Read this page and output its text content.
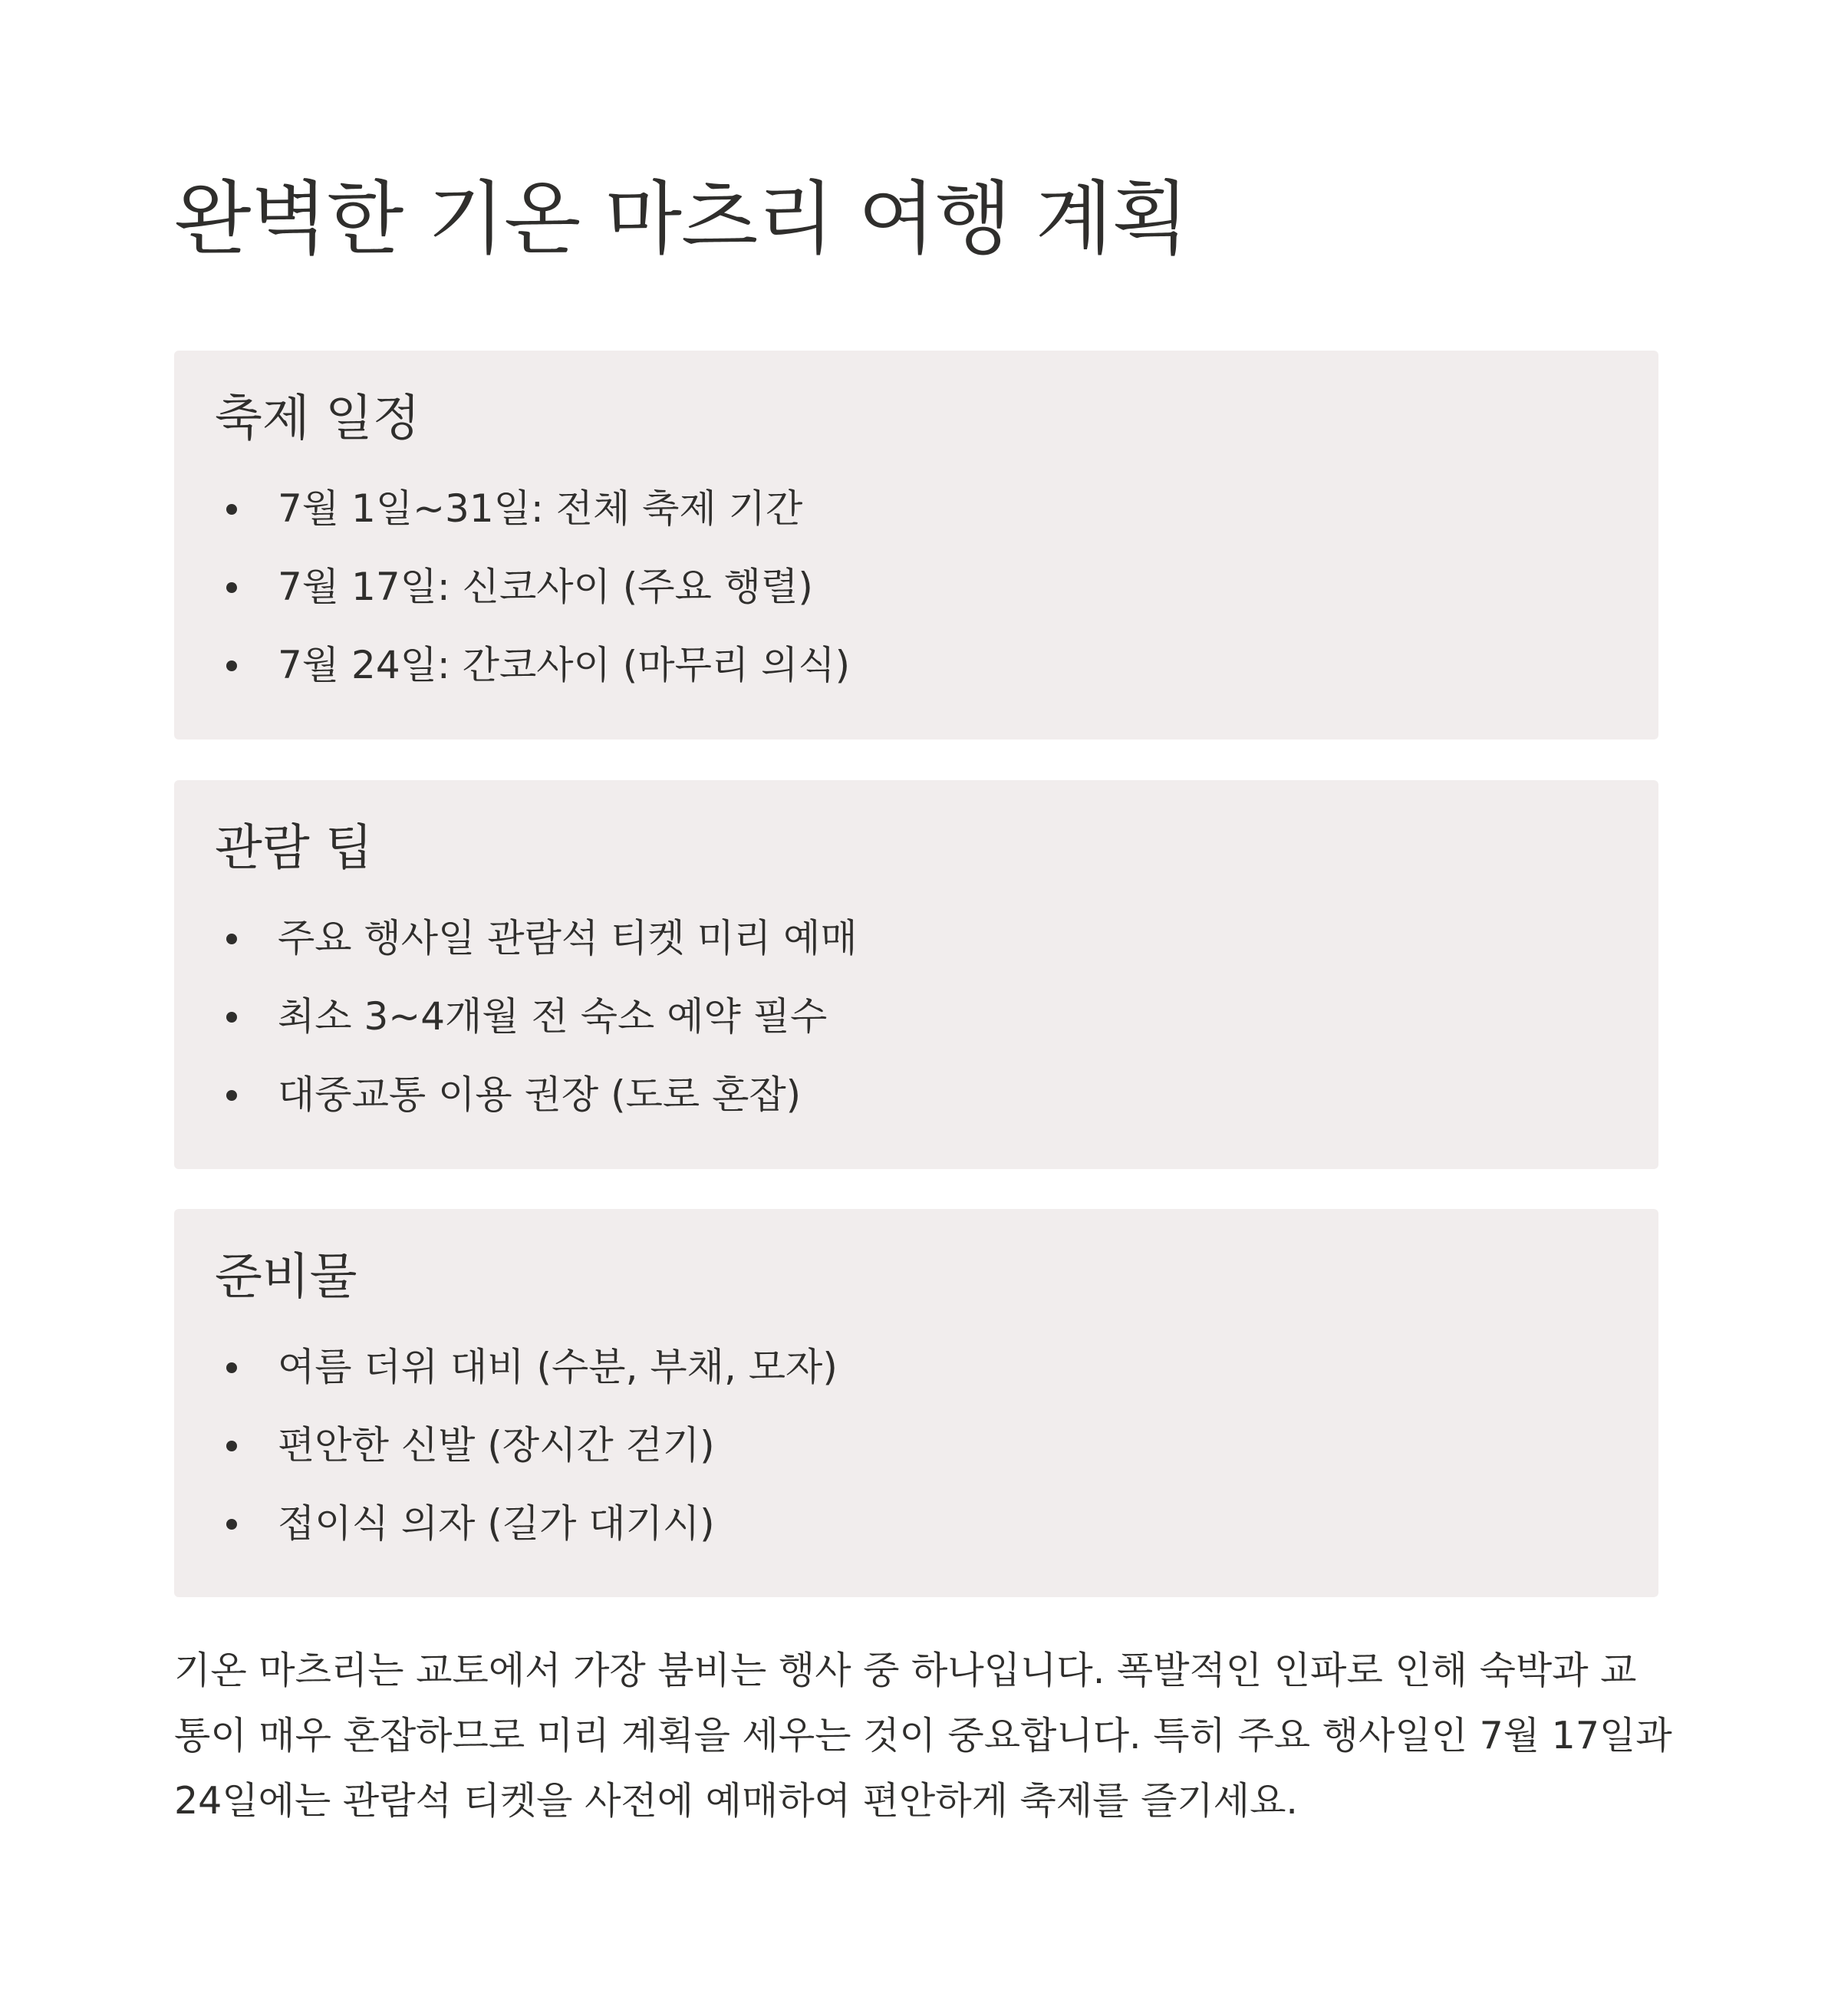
완벽한 기온 마츠리 여행 계획
축제 일정
7월 1일~31일: 전체 축제 기간
7월 17일: 신코사이 (주요 행렬)
7월 24일: 간코사이 (마무리 의식)
관람 팁
주요 행사일 관람석 티켓 미리 예매
최소 3~4개월 전 숙소 예약 필수
대중교통 이용 권장 (도로 혼잡)
준비물
여름 더위 대비 (수분, 부채, 모자)
편안한 신발 (장시간 걷기)
접이식 의자 (길가 대기시)

기온 마츠리는 교토에서 가장 붐비는 행사 중 하나입니다. 폭발적인 인파로 인해 숙박과 교
통이 매우 혼잡하므로 미리 계획을 세우는 것이 중요합니다. 특히 주요 행사일인 7월 17일과
24일에는 관람석 티켓을 사전에 예매하여 편안하게 축제를 즐기세요.
